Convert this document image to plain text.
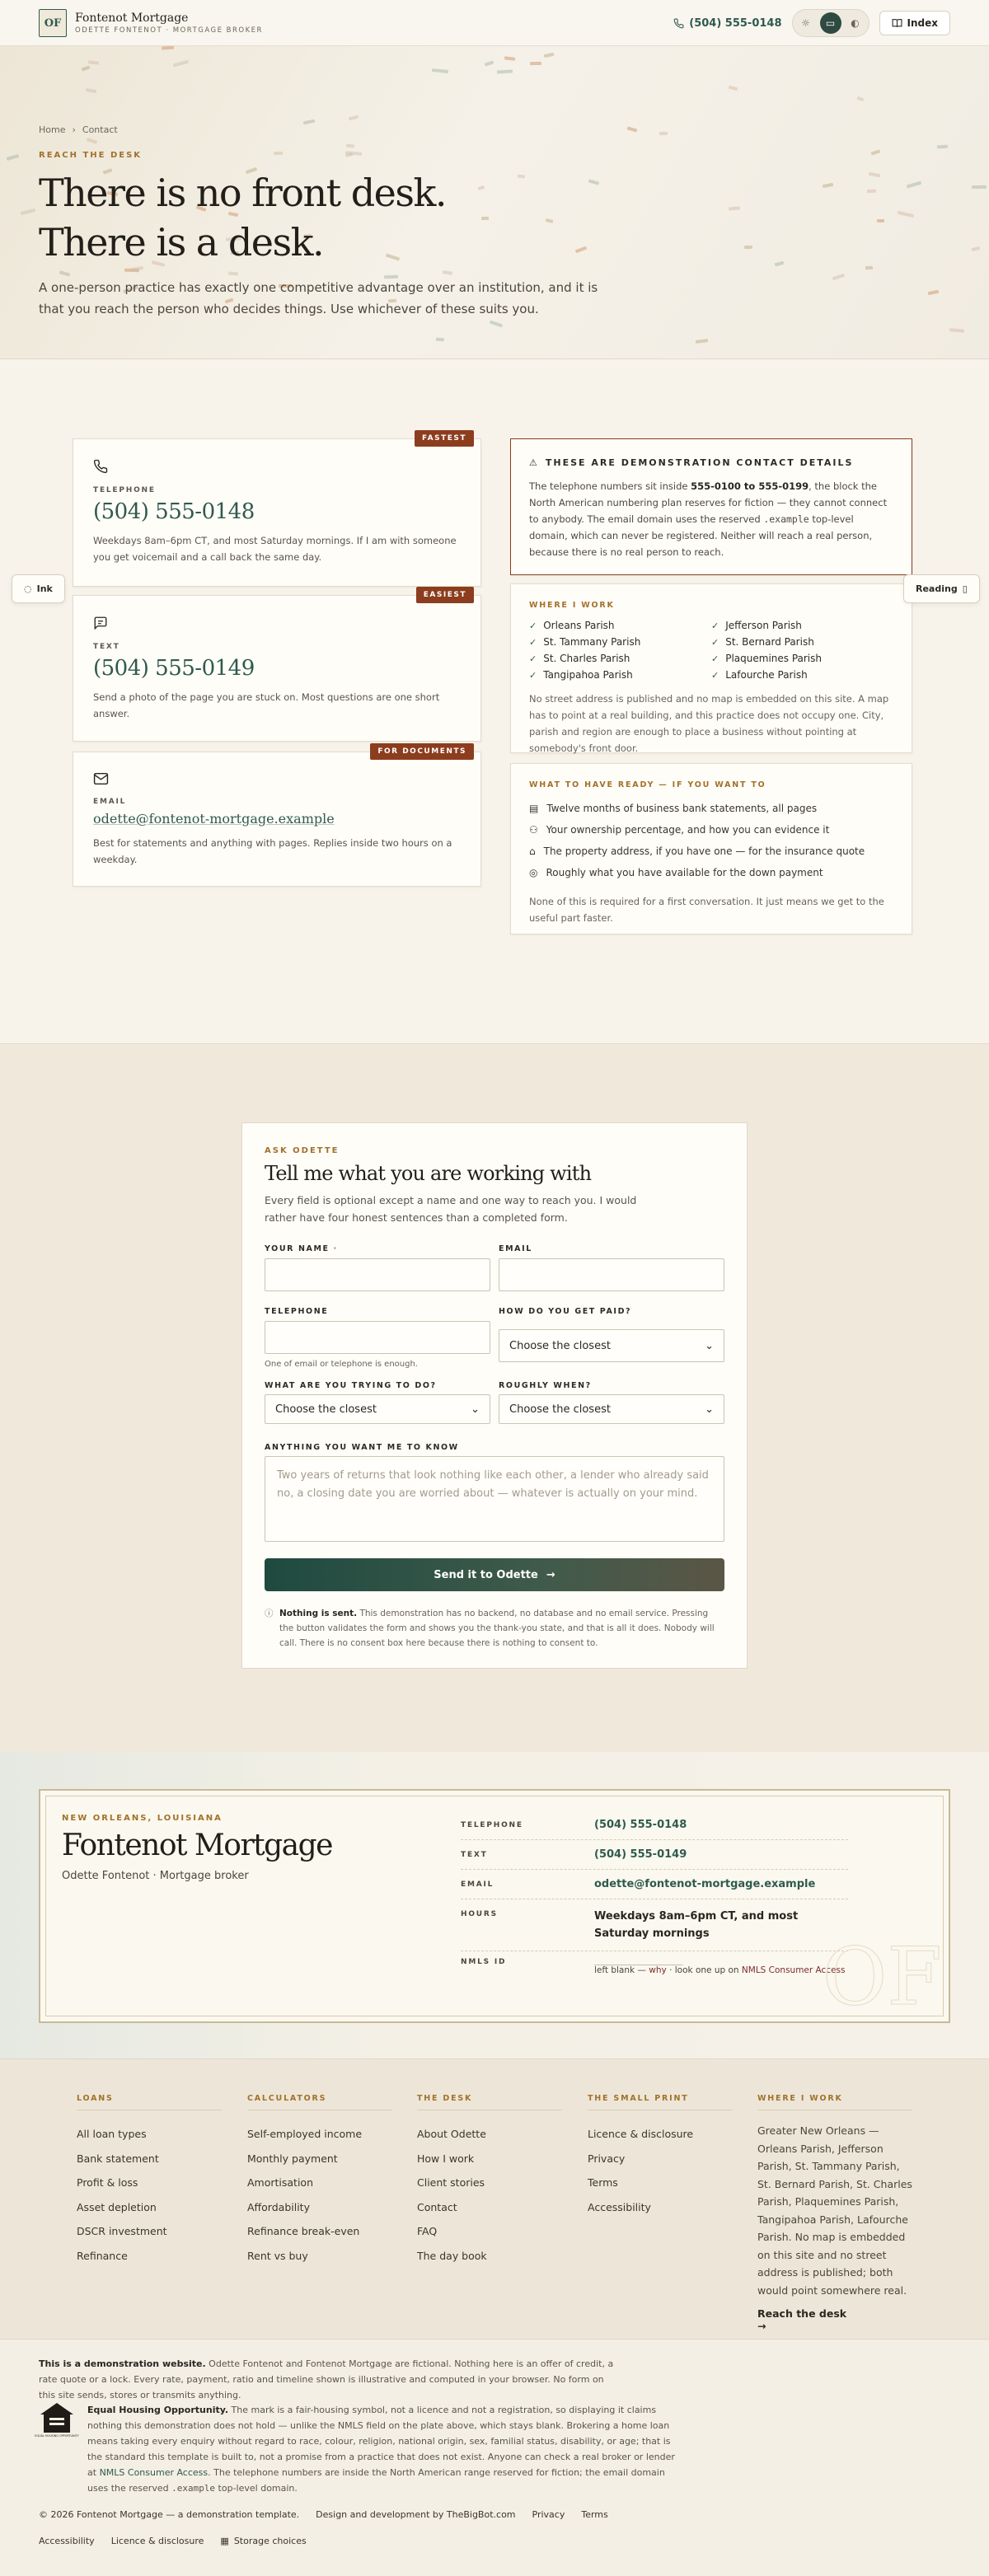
OF	Fontenot Mortgage
ODETTE FONTENOT · MORTGAGE BROKER
(504) 555-0148	☼	▭	◐	Index
Home › Contact
REACH THE DESK
There is no front desk.
There is a desk.

A one-person practice has exactly one competitive advantage over an institution, and it is that you reach the person who decides things. Use whichever of these suits you.

◌ Ink	Reading ▯
FASTEST
TELEPHONE
(504) 555-0148
Weekdays 8am–6pm CT, and most Saturday mornings. If I am with someone you get voicemail and a call back the same day.
EASIEST
TEXT
(504) 555-0149
Send a photo of the page you are stuck on. Most questions are one short answer.
FOR DOCUMENTS
EMAIL
odette@fontenot-mortgage.example
Best for statements and anything with pages. Replies inside two hours on a weekday.
⚠ THESE ARE DEMONSTRATION CONTACT DETAILS
The telephone numbers sit inside 555-0100 to 555-0199, the block the North American numbering plan reserves for fiction — they cannot connect to anybody. The email domain uses the reserved .example top-level domain, which can never be registered. Neither will reach a real person, because there is no real person to reach.
WHERE I WORK
✓ Orleans Parish	✓ Jefferson Parish
✓ St. Tammany Parish	✓ St. Bernard Parish
✓ St. Charles Parish	✓ Plaquemines Parish
✓ Tangipahoa Parish	✓ Lafourche Parish
No street address is published and no map is embedded on this site. A map has to point at a real building, and this practice does not occupy one. City, parish and region are enough to place a business without pointing at somebody's front door.
WHAT TO HAVE READY — IF YOU WANT TO
▤ Twelve months of business bank statements, all pages
⚇ Your ownership percentage, and how you can evidence it
⌂ The property address, if you have one — for the insurance quote
◎ Roughly what you have available for the down payment
None of this is required for a first conversation. It just means we get to the useful part faster.
ASK ODETTE
Tell me what you are working with
Every field is optional except a name and one way to reach you. I would rather have four honest sentences than a completed form.
YOUR NAME ·	EMAIL
TELEPHONE
One of email or telephone is enough.
HOW DO YOU GET PAID?
Choose the closest	⌄
WHAT ARE YOU TRYING TO DO?
Choose the closest	⌄
ROUGHLY WHEN?
Choose the closest	⌄
ANYTHING YOU WANT ME TO KNOW
Two years of returns that look nothing like each other, a lender who already said no, a closing date you are worried about — whatever is actually on your mind.
Send it to Odette →
ⓘ Nothing is sent. This demonstration has no backend, no database and no email service. Pressing the button validates the form and shows you the thank-you state, and that is all it does. Nobody will call. There is no consent box here because there is nothing to consent to.
NEW ORLEANS, LOUISIANA
Fontenot Mortgage
Odette Fontenot · Mortgage broker
TELEPHONE	(504) 555-0148
TEXT	(504) 555-0149
EMAIL	odette@fontenot-mortgage.example
HOURS	Weekdays 8am–6pm CT, and most Saturday mornings
NMLS ID	____________________
left blank — why · look one up on NMLS Consumer Access
OF
LOANS
All loan types
Bank statement
Profit & loss
Asset depletion
DSCR investment
Refinance
CALCULATORS
Self-employed income
Monthly payment
Amortisation
Affordability
Refinance break-even
Rent vs buy
THE DESK
About Odette
How I work
Client stories
Contact
FAQ
The day book
THE SMALL PRINT
Licence & disclosure
Privacy
Terms
Accessibility
WHERE I WORK
Greater New Orleans — Orleans Parish, Jefferson Parish, St. Tammany Parish, St. Bernard Parish, St. Charles Parish, Plaquemines Parish, Tangipahoa Parish, Lafourche Parish. No map is embedded on this site and no street address is published; both would point somewhere real.
Reach the desk
→
This is a demonstration website. Odette Fontenot and Fontenot Mortgage are fictional. Nothing here is an offer of credit, a rate quote or a lock. Every rate, payment, ratio and timeline shown is illustrative and computed in your browser. No form on this site sends, stores or transmits anything.
EQUAL HOUSING OPPORTUNITY
Equal Housing Opportunity. The mark is a fair-housing symbol, not a licence and not a registration, so displaying it claims nothing this demonstration does not hold — unlike the NMLS field on the plate above, which stays blank. Brokering a home loan means taking every enquiry without regard to race, colour, religion, national origin, sex, familial status, disability, or age; that is the standard this template is built to, not a promise from a practice that does not exist. Anyone can check a real broker or lender at NMLS Consumer Access. The telephone numbers are inside the North American range reserved for fiction; the email domain uses the reserved .example top-level domain.
© 2026 Fontenot Mortgage — a demonstration template. Design and development by TheBigBot.com Privacy Terms
Accessibility Licence & disclosure ▦ Storage choices
